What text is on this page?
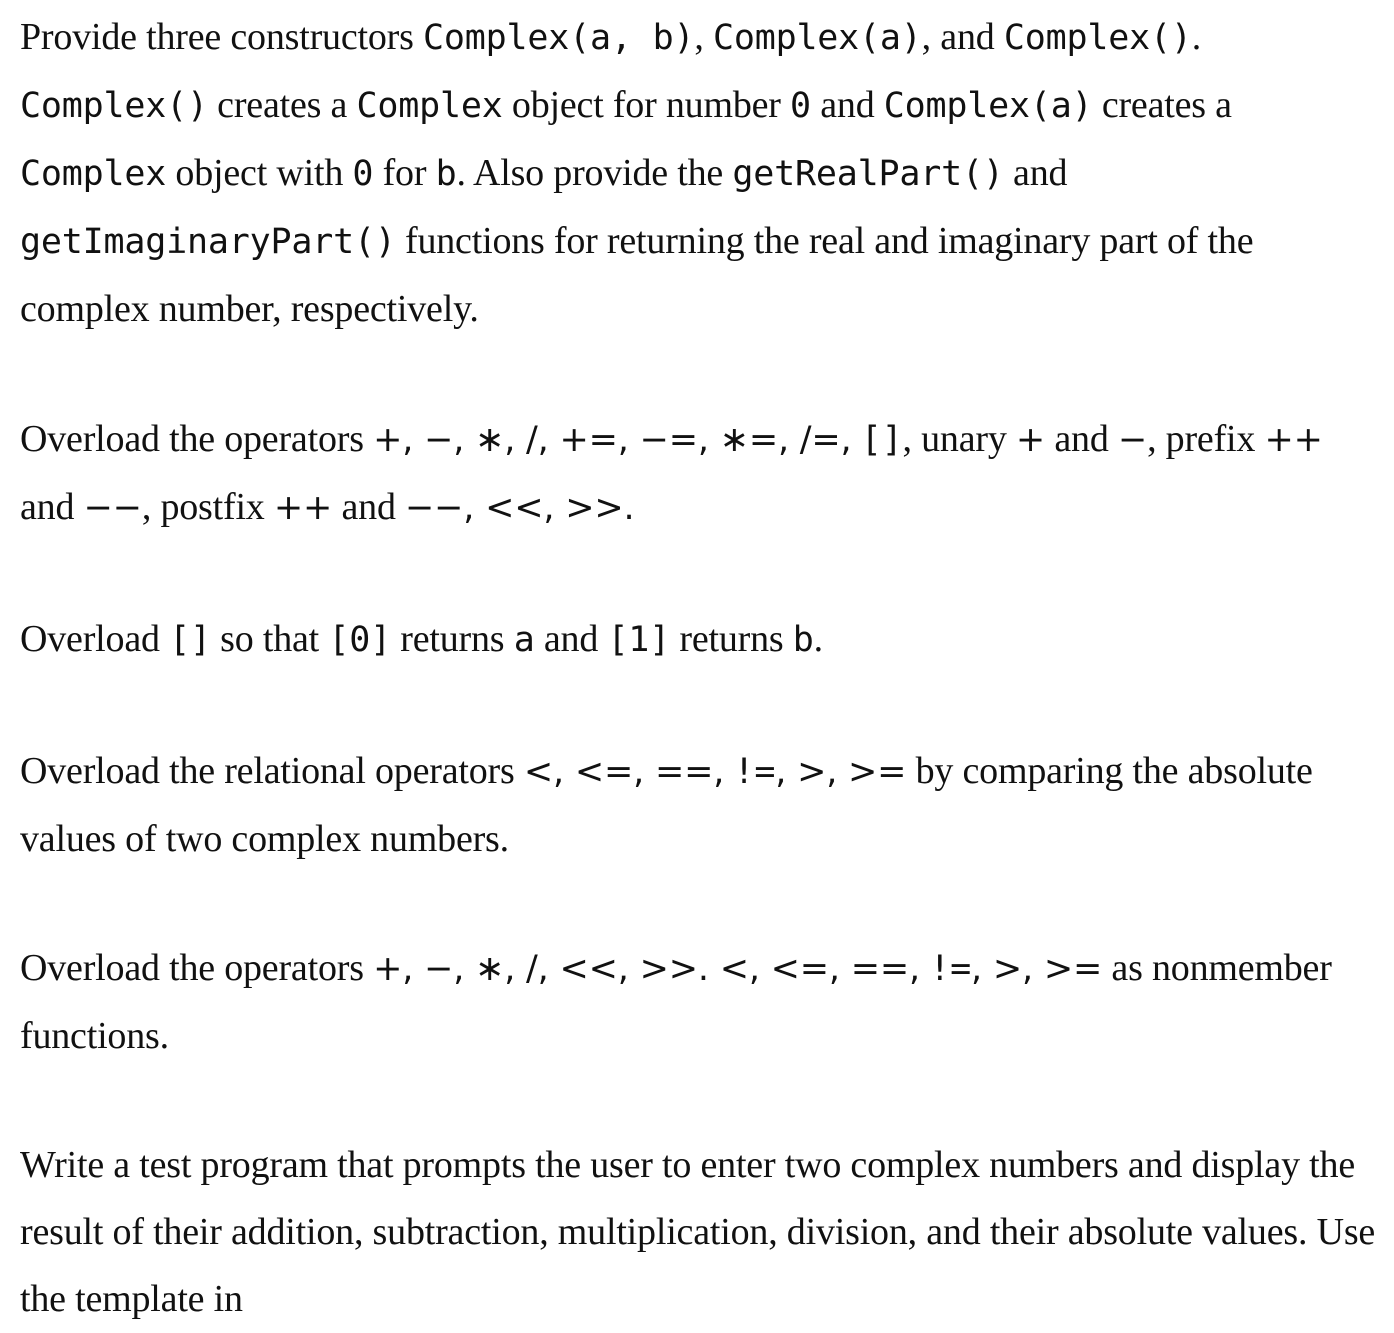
Provide three constructors Complex(a, b), Complex(a), and Complex(). Complex() creates a Complex object for number 0 and Complex(a) creates a Complex object with 0 for b. Also provide the getRealPart() and getImaginaryPart() functions for returning the real and imaginary part of the complex number, respectively.

Overload the operators +, −, ∗, /, +=, −=, ∗=, /=, [], unary + and −, prefix ++ and −−, postfix ++ and −−, <<, >>.

Overload [] so that [0] returns a and [1] returns b.

Overload the relational operators <, <=, ==, !=, >, >= by comparing the absolute values of two complex numbers.

Overload the operators +, −, ∗, /, <<, >>. <, <=, ==, !=, >, >= as nonmember functions.

Write a test program that prompts the user to enter two complex numbers and display the result of their addition, subtraction, multiplication, division, and their absolute values. Use the template in
